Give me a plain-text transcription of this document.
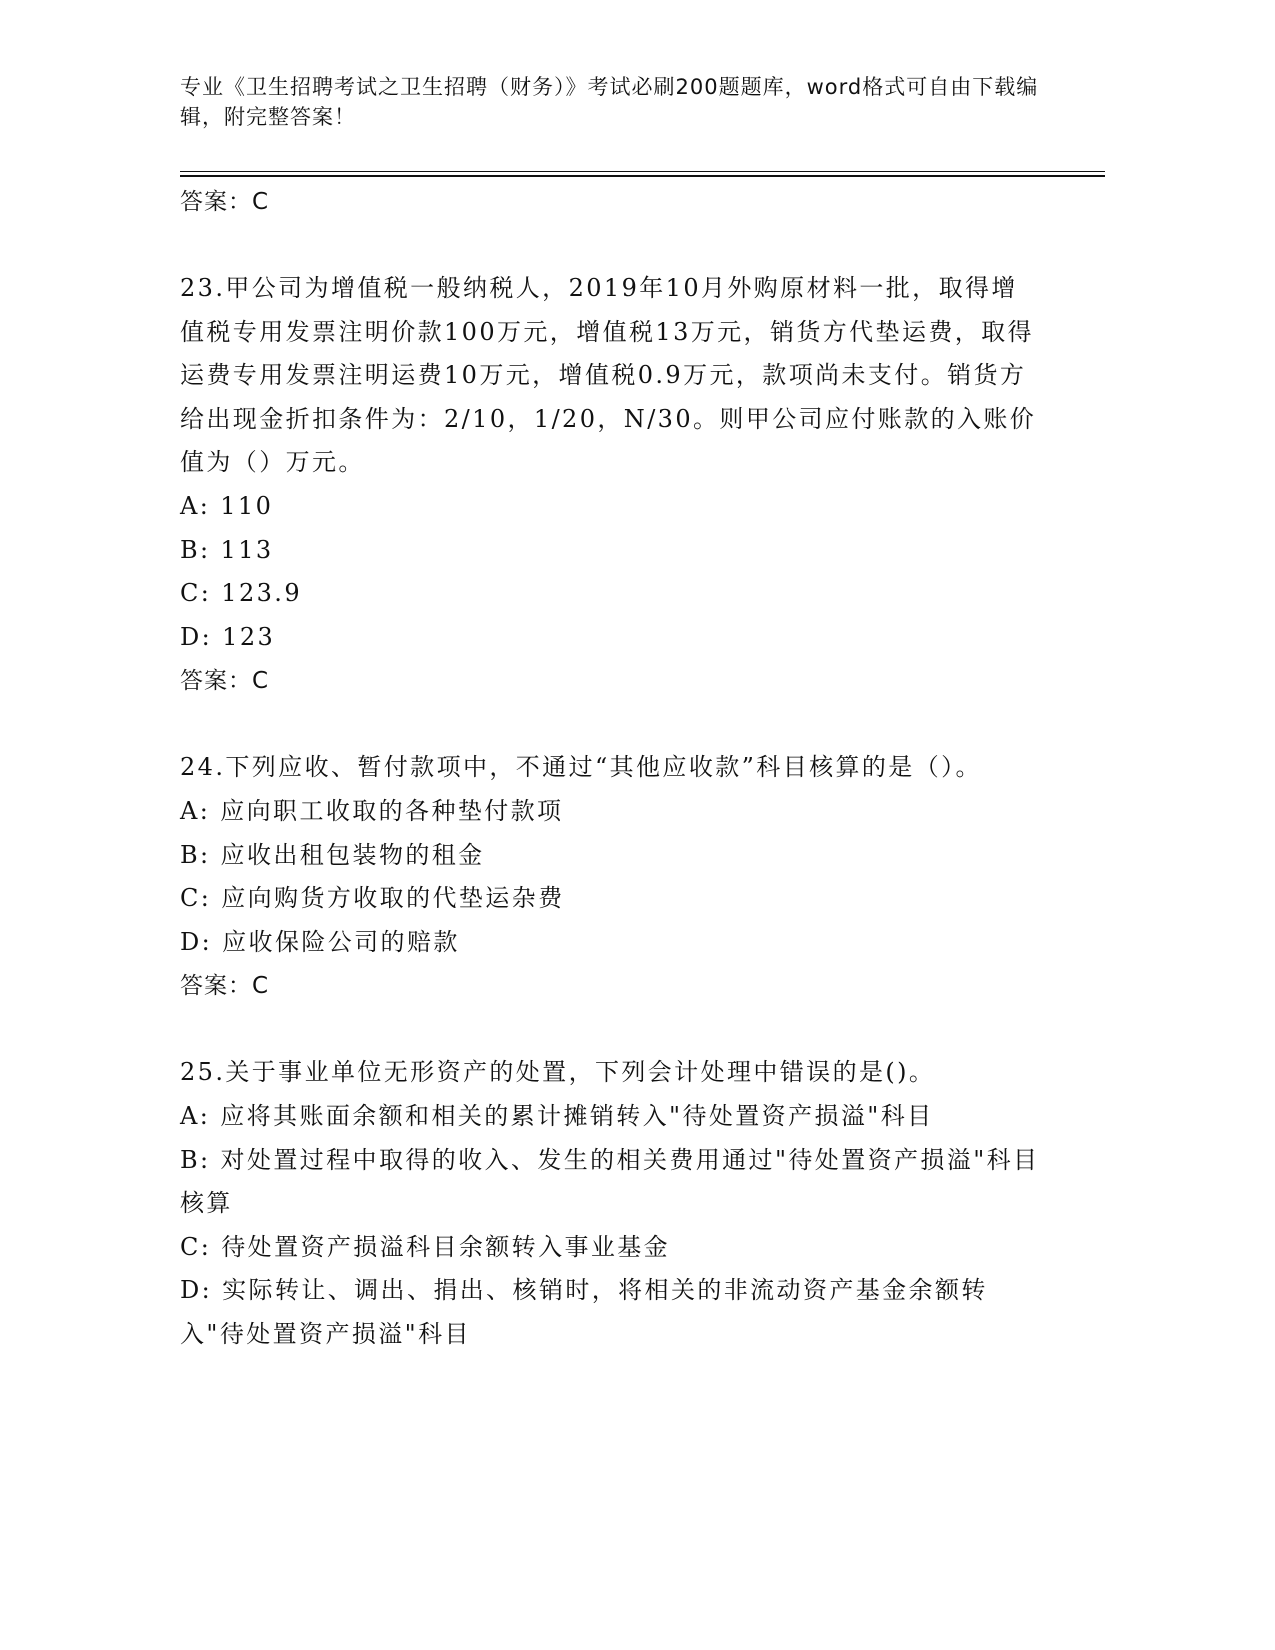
专业《卫生招聘考试之卫生招聘（财务）》考试必刷200题题库，word格式可自由下载编辑，附完整答案！
答案：C
23.甲公司为增值税一般纳税人，2019年10月外购原材料一批，取得增值税专用发票注明价款100万元，增值税13万元，销货方代垫运费，取得运费专用发票注明运费10万元，增值税0.9万元，款项尚未支付。销货方给出现金折扣条件为：2/10，1/20，N/30。则甲公司应付账款的入账价值为（）万元。
A: 110
B: 113
C: 123.9
D: 123
答案：C
24.下列应收、暂付款项中，不通过“其他应收款”科目核算的是（）。
A: 应向职工收取的各种垫付款项
B: 应收出租包装物的租金
C: 应向购货方收取的代垫运杂费
D: 应收保险公司的赔款
答案：C
25.关于事业单位无形资产的处置，下列会计处理中错误的是()。
A: 应将其账面余额和相关的累计摊销转入"待处置资产损溢"科目
B: 对处置过程中取得的收入、发生的相关费用通过"待处置资产损溢"科目核算
C: 待处置资产损溢科目余额转入事业基金
D: 实际转让、调出、捐出、核销时，将相关的非流动资产基金余额转入"待处置资产损溢"科目
